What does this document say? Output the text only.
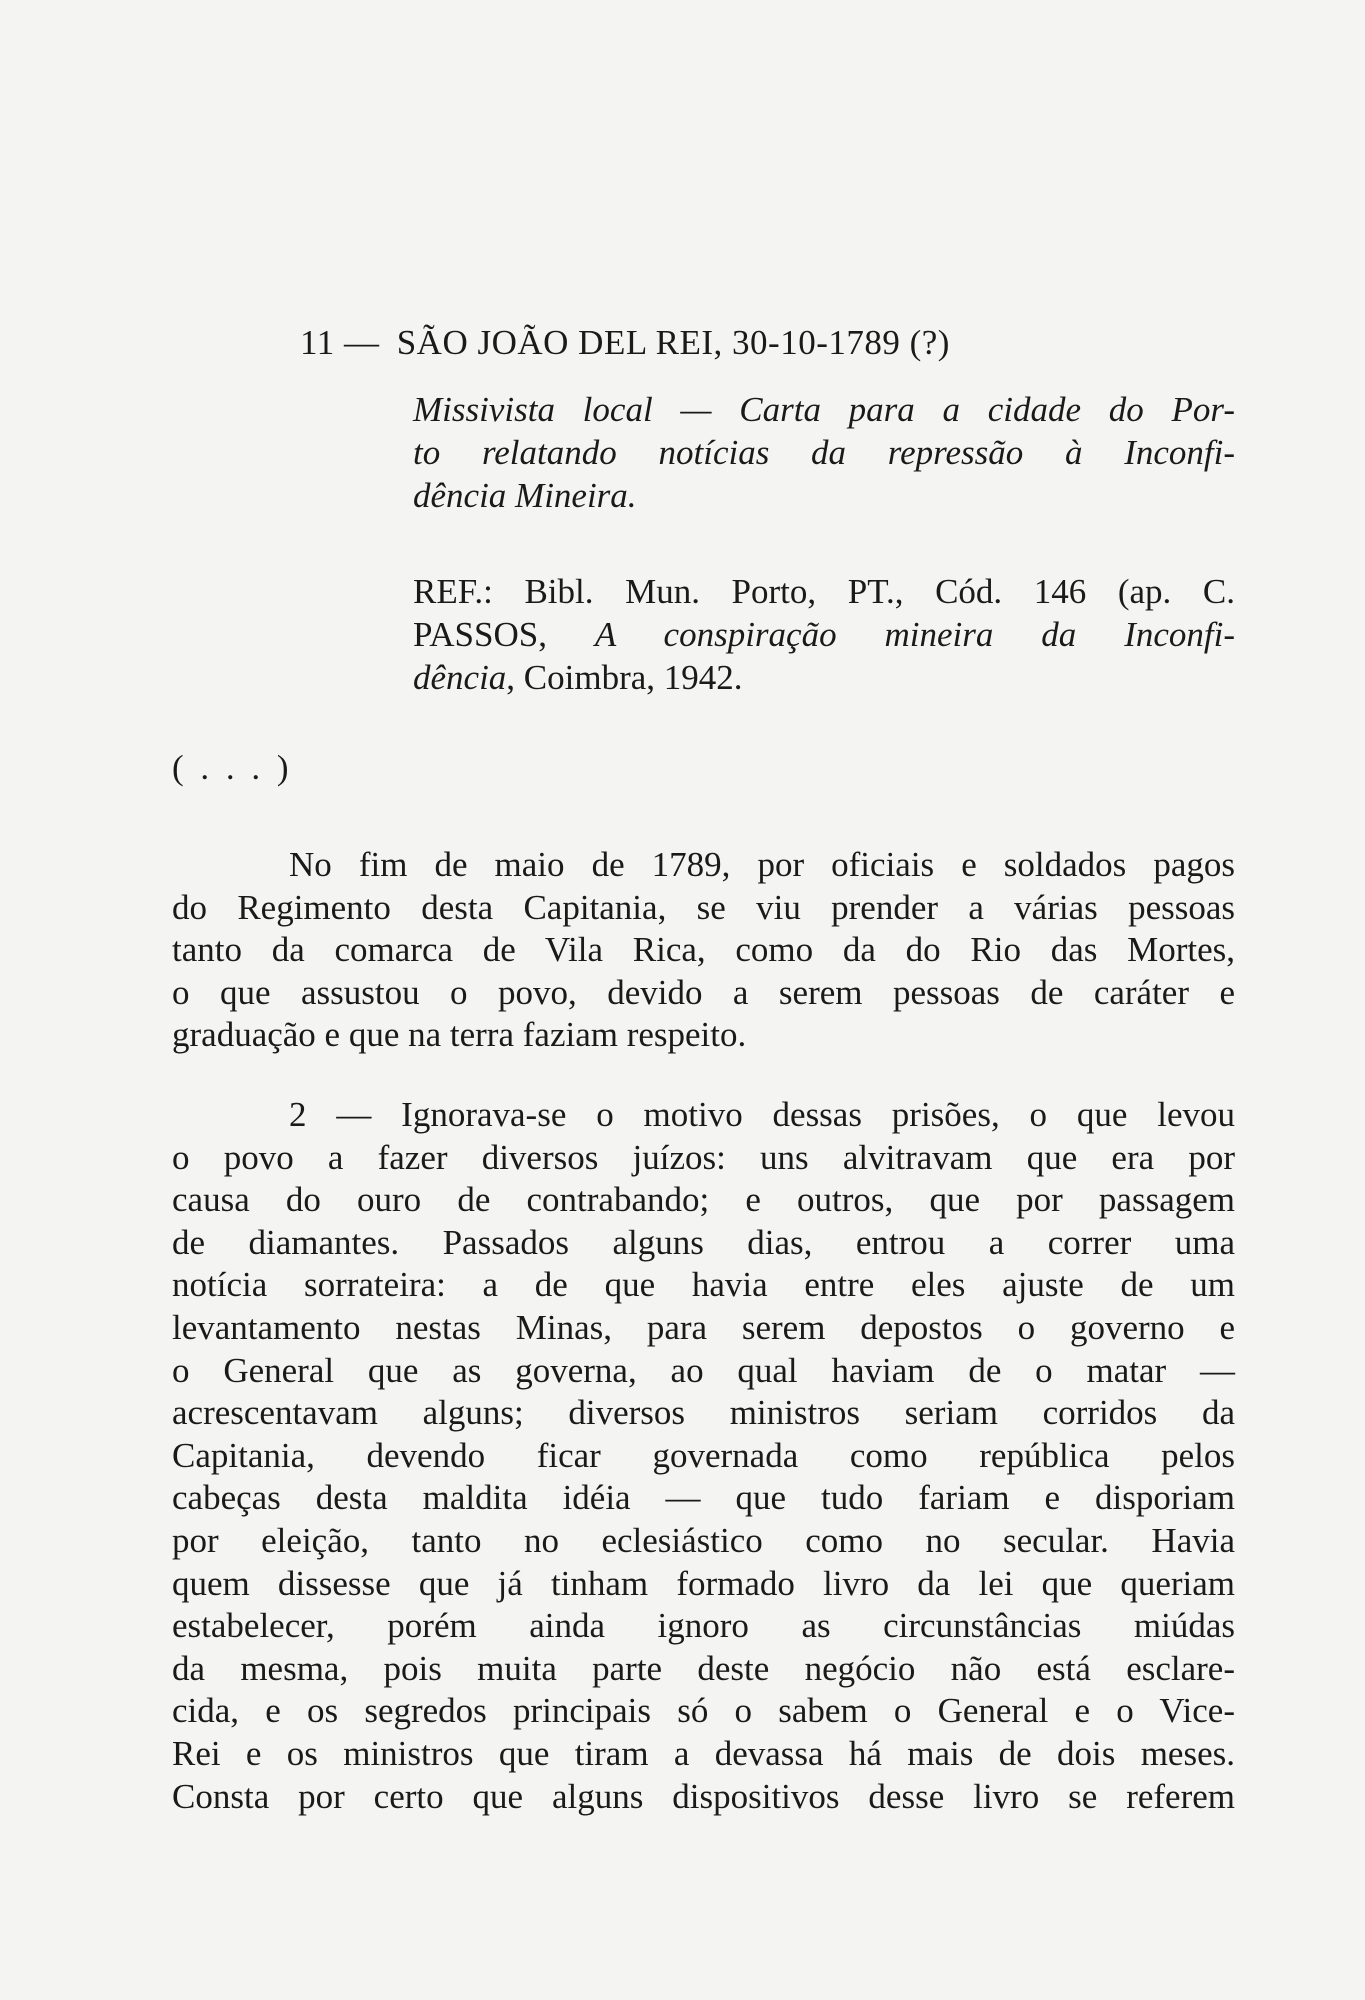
11 — SÃO JOÃO DEL REI, 30-10-1789 (?)
Missivista local — Carta para a cidade do Por-
to relatando notícias da repressão à Inconfi-
dência Mineira.
REF.: Bibl. Mun. Porto, PT., Cód. 146 (ap. C.
PASSOS, A conspiração mineira da Inconfi-
dência, Coimbra, 1942.
( . . . )
No fim de maio de 1789, por oficiais e soldados pagos
do Regimento desta Capitania, se viu prender a várias pessoas
tanto da comarca de Vila Rica, como da do Rio das Mortes,
o que assustou o povo, devido a serem pessoas de caráter e
graduação e que na terra faziam respeito.
2 — Ignorava-se o motivo dessas prisões, o que levou
o povo a fazer diversos juízos: uns alvitravam que era por
causa do ouro de contrabando; e outros, que por passagem
de diamantes. Passados alguns dias, entrou a correr uma
notícia sorrateira: a de que havia entre eles ajuste de um
levantamento nestas Minas, para serem depostos o governo e
o General que as governa, ao qual haviam de o matar —
acrescentavam alguns; diversos ministros seriam corridos da
Capitania, devendo ficar governada como república pelos
cabeças desta maldita idéia — que tudo fariam e disporiam
por eleição, tanto no eclesiástico como no secular. Havia
quem dissesse que já tinham formado livro da lei que queriam
estabelecer, porém ainda ignoro as circunstâncias miúdas
da mesma, pois muita parte deste negócio não está esclare-
cida, e os segredos principais só o sabem o General e o Vice-
Rei e os ministros que tiram a devassa há mais de dois meses.
Consta por certo que alguns dispositivos desse livro se referem
